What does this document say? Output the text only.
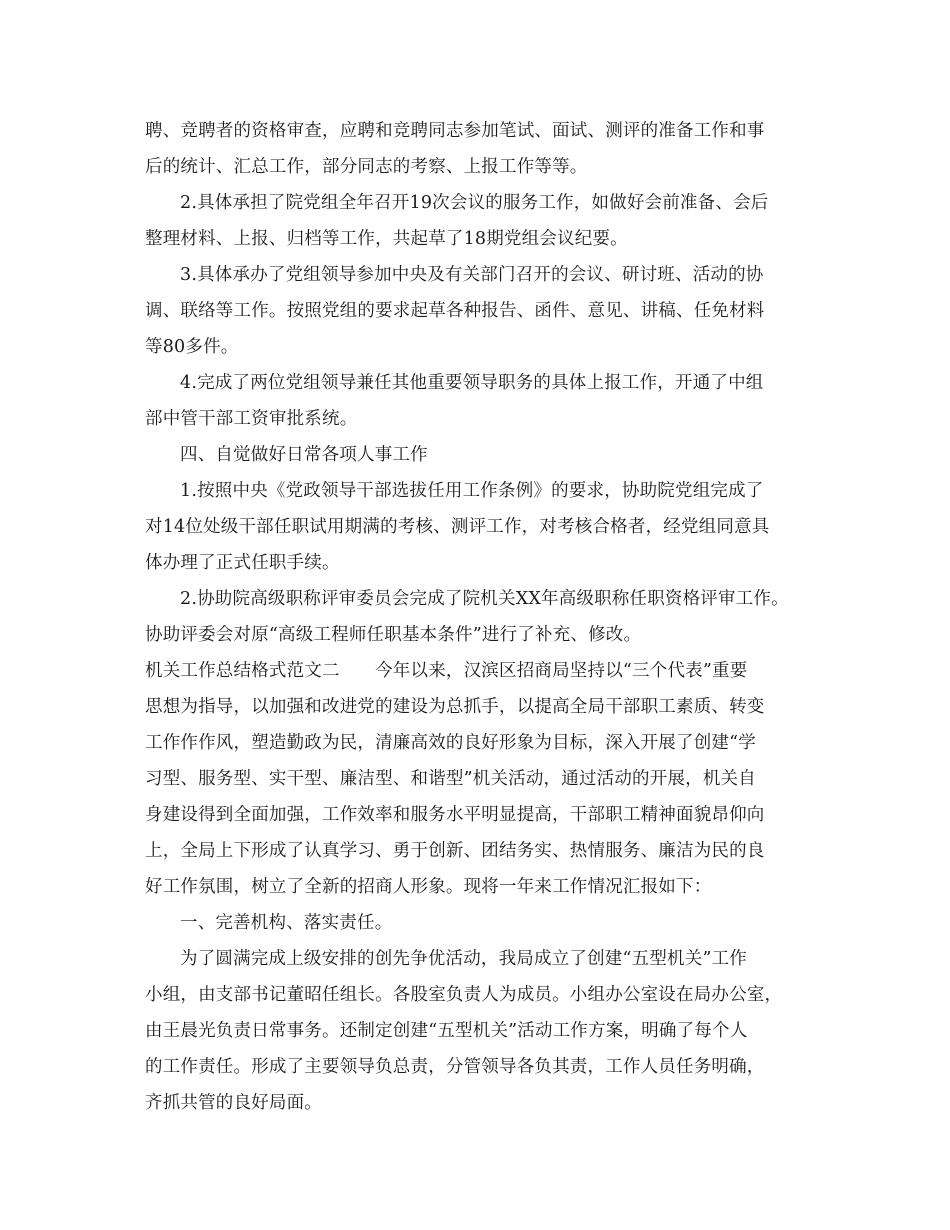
聘、竞聘者的资格审查，应聘和竞聘同志参加笔试、面试、测评的准备工作和事
后的统计、汇总工作，部分同志的考察、上报工作等等。
2.具体承担了院党组全年召开19次会议的服务工作，如做好会前准备、会后
整理材料、上报、归档等工作，共起草了18期党组会议纪要。
3.具体承办了党组领导参加中央及有关部门召开的会议、研讨班、活动的协
调、联络等工作。按照党组的要求起草各种报告、函件、意见、讲稿、任免材料
等80多件。
4.完成了两位党组领导兼任其他重要领导职务的具体上报工作，开通了中组
部中管干部工资审批系统。
四、自觉做好日常各项人事工作
1.按照中央《党政领导干部选拔任用工作条例》的要求，协助院党组完成了
对14位处级干部任职试用期满的考核、测评工作，对考核合格者，经党组同意具
体办理了正式任职手续。
2.协助院高级职称评审委员会完成了院机关XX年高级职称任职资格评审工作。
协助评委会对原“高级工程师任职基本条件”进行了补充、修改。
机关工作总结格式范文二　　今年以来，汉滨区招商局坚持以“三个代表”重要
思想为指导，以加强和改进党的建设为总抓手，以提高全局干部职工素质、转变
工作作作风，塑造勤政为民，清廉高效的良好形象为目标，深入开展了创建“学
习型、服务型、实干型、廉洁型、和谐型”机关活动，通过活动的开展，机关自
身建设得到全面加强，工作效率和服务水平明显提高，干部职工精神面貌昂仰向
上，全局上下形成了认真学习、勇于创新、团结务实、热情服务、廉洁为民的良
好工作氛围，树立了全新的招商人形象。现将一年来工作情况汇报如下：
一、完善机构、落实责任。
为了圆满完成上级安排的创先争优活动，我局成立了创建“五型机关”工作
小组，由支部书记董昭任组长。各股室负责人为成员。小组办公室设在局办公室，
由王晨光负责日常事务。还制定创建“五型机关”活动工作方案，明确了每个人
的工作责任。形成了主要领导负总责，分管领导各负其责，工作人员任务明确，
齐抓共管的良好局面。
